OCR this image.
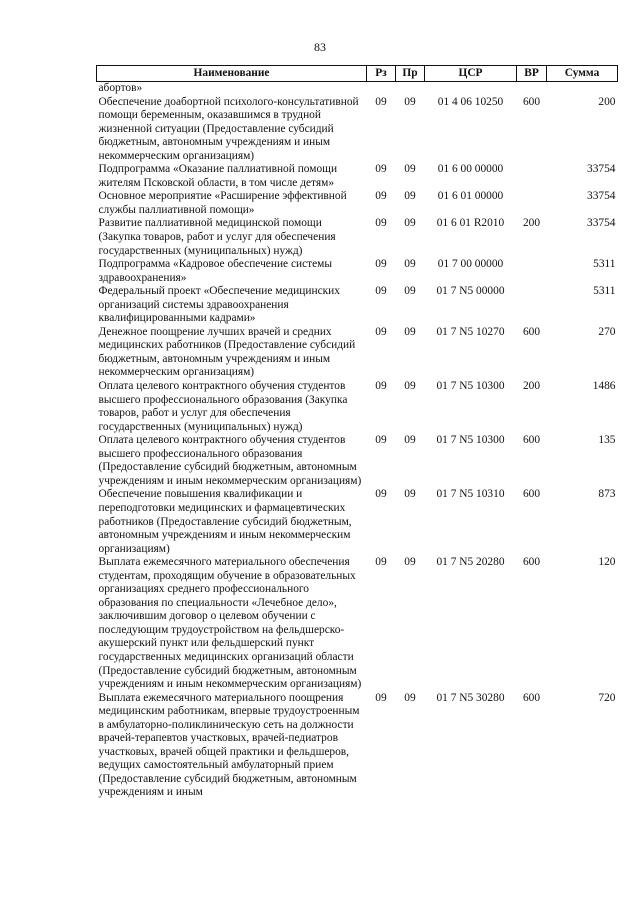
83
Наименование	Рз	Пр	ЦСР	ВР	Сумма
абортов»					
Обеспечение доабортной психолого-консультативной помощи беременным, оказавшимся в трудной жизненной ситуации (Предоставление субсидий бюджетным, автономным учреждениям и иным некоммерческим организациям)	09	09	01 4 06 10250	600	200
Подпрограмма «Оказание паллиативной помощи жителям Псковской области, в том числе детям»	09	09	01 6 00 00000		33754
Основное мероприятие «Расширение эффективной службы паллиативной помощи»	09	09	01 6 01 00000		33754
Развитие паллиативной медицинской помощи (Закупка товаров, работ и услуг для обеспечения государственных (муниципальных) нужд)	09	09	01 6 01 R2010	200	33754
Подпрограмма «Кадровое обеспечение системы здравоохранения»	09	09	01 7 00 00000		5311
Федеральный проект «Обеспечение медицинских организаций системы здравоохранения квалифицированными кадрами»	09	09	01 7 N5 00000		5311
Денежное поощрение лучших врачей и средних медицинских работников (Предоставление субсидий бюджетным, автономным учреждениям и иным некоммерческим организациям)	09	09	01 7 N5 10270	600	270
Оплата целевого контрактного обучения студентов высшего профессионального образования (Закупка товаров, работ и услуг для обеспечения государственных (муниципальных) нужд)	09	09	01 7 N5 10300	200	1486
Оплата целевого контрактного обучения студентов высшего профессионального образования (Предоставление субсидий бюджетным, автономным учреждениям и иным некоммерческим организациям)	09	09	01 7 N5 10300	600	135
Обеспечение повышения квалификации и переподготовки медицинских и фармацевтических работников (Предоставление субсидий бюджетным, автономным учреждениям и иным некоммерческим организациям)	09	09	01 7 N5 10310	600	873
Выплата ежемесячного материального обеспечения студентам, проходящим обучение в образовательных организациях среднего профессионального образования по специальности «Лечебное дело», заключившим договор о целевом обучении с последующим трудоустройством на фельдшерско-акушерский пункт или фельдшерский пункт государственных медицинских организаций области (Предоставление субсидий бюджетным, автономным учреждениям и иным некоммерческим организациям)	09	09	01 7 N5 20280	600	120
Выплата ежемесячного материального поощрения медицинским работникам, впервые трудоустроенным в амбулаторно-поликлиническую сеть на должности врачей-терапевтов участковых, врачей-педиатров участковых, врачей общей практики и фельдшеров, ведущих самостоятельный амбулаторный прием (Предоставление субсидий бюджетным, автономным учреждениям и иным	09	09	01 7 N5 30280	600	720
